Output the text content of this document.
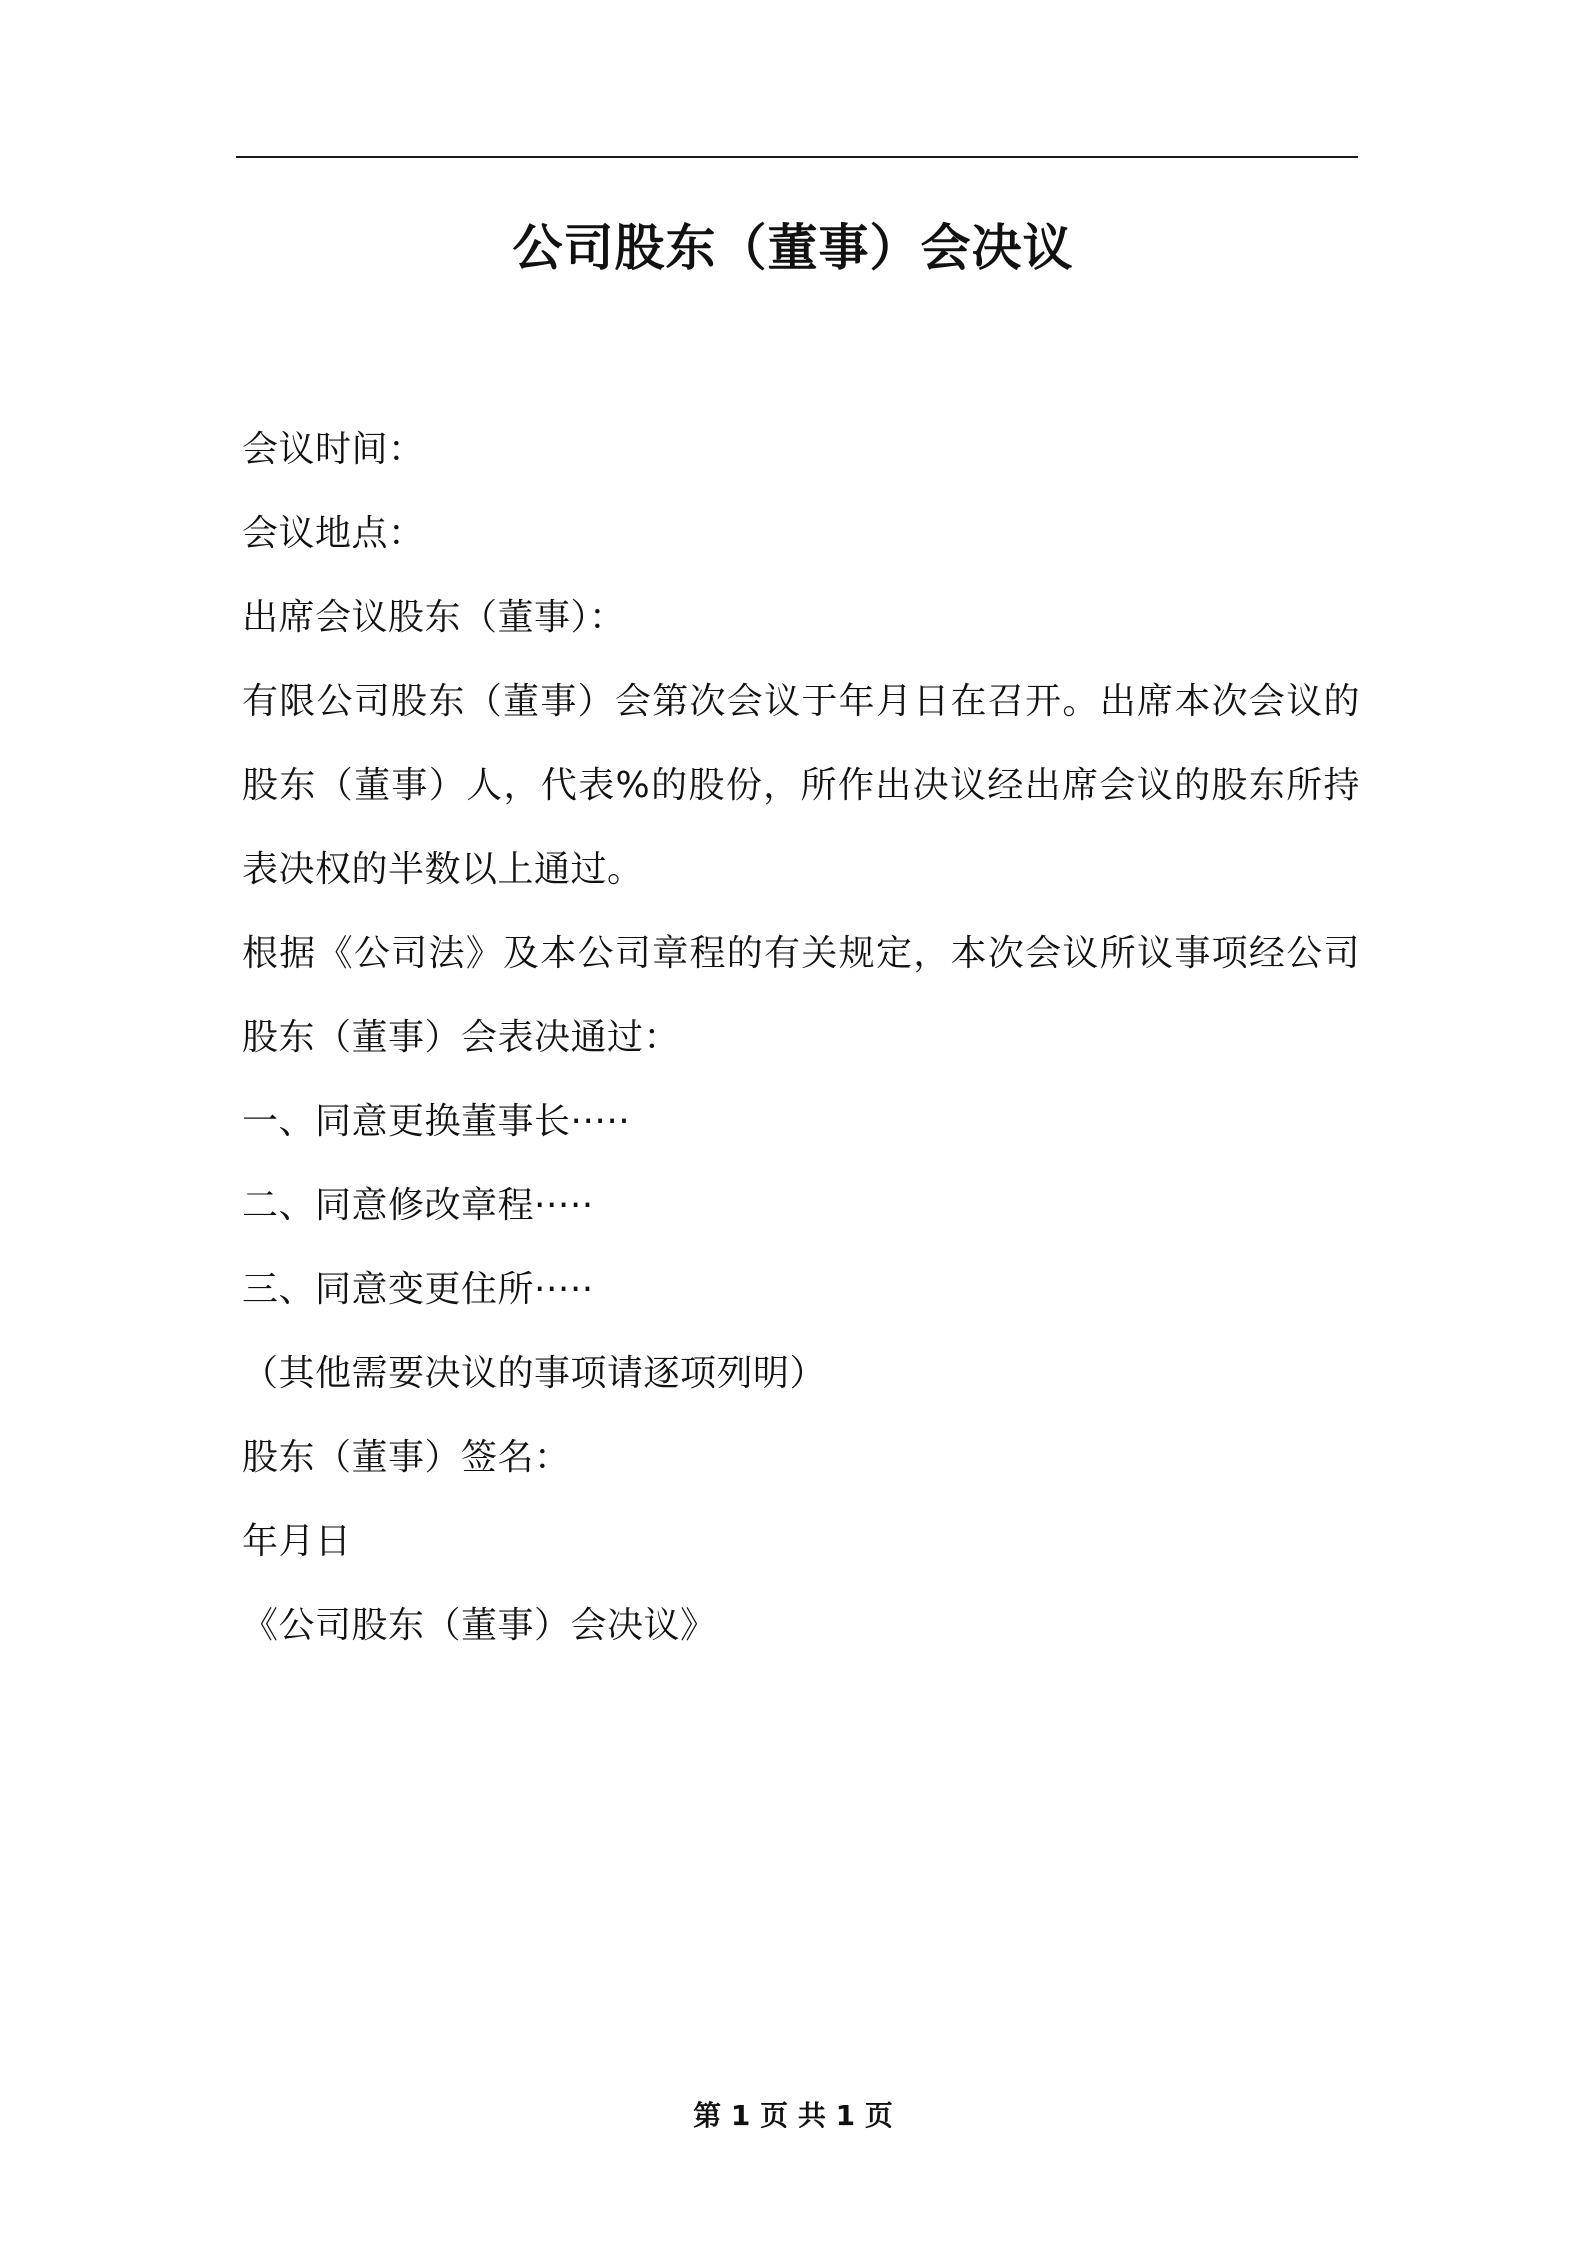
公司股东（董事）会决议
会议时间：
会议地点：
出席会议股东（董事）：

有限公司股东（董事）会第次会议于年月日在召开。出席本次会议的股东（董事）人，代表%的股份，所作出决议经出席会议的股东所持表决权的半数以上通过。

根据《公司法》及本公司章程的有关规定，本次会议所议事项经公司股东（董事）会表决通过：

一、同意更换董事长·····
二、同意修改章程·····
三、同意变更住所·····
（其他需要决议的事项请逐项列明）
股东（董事）签名：
年月日
《公司股东（董事）会决议》
第 1 页 共 1 页
